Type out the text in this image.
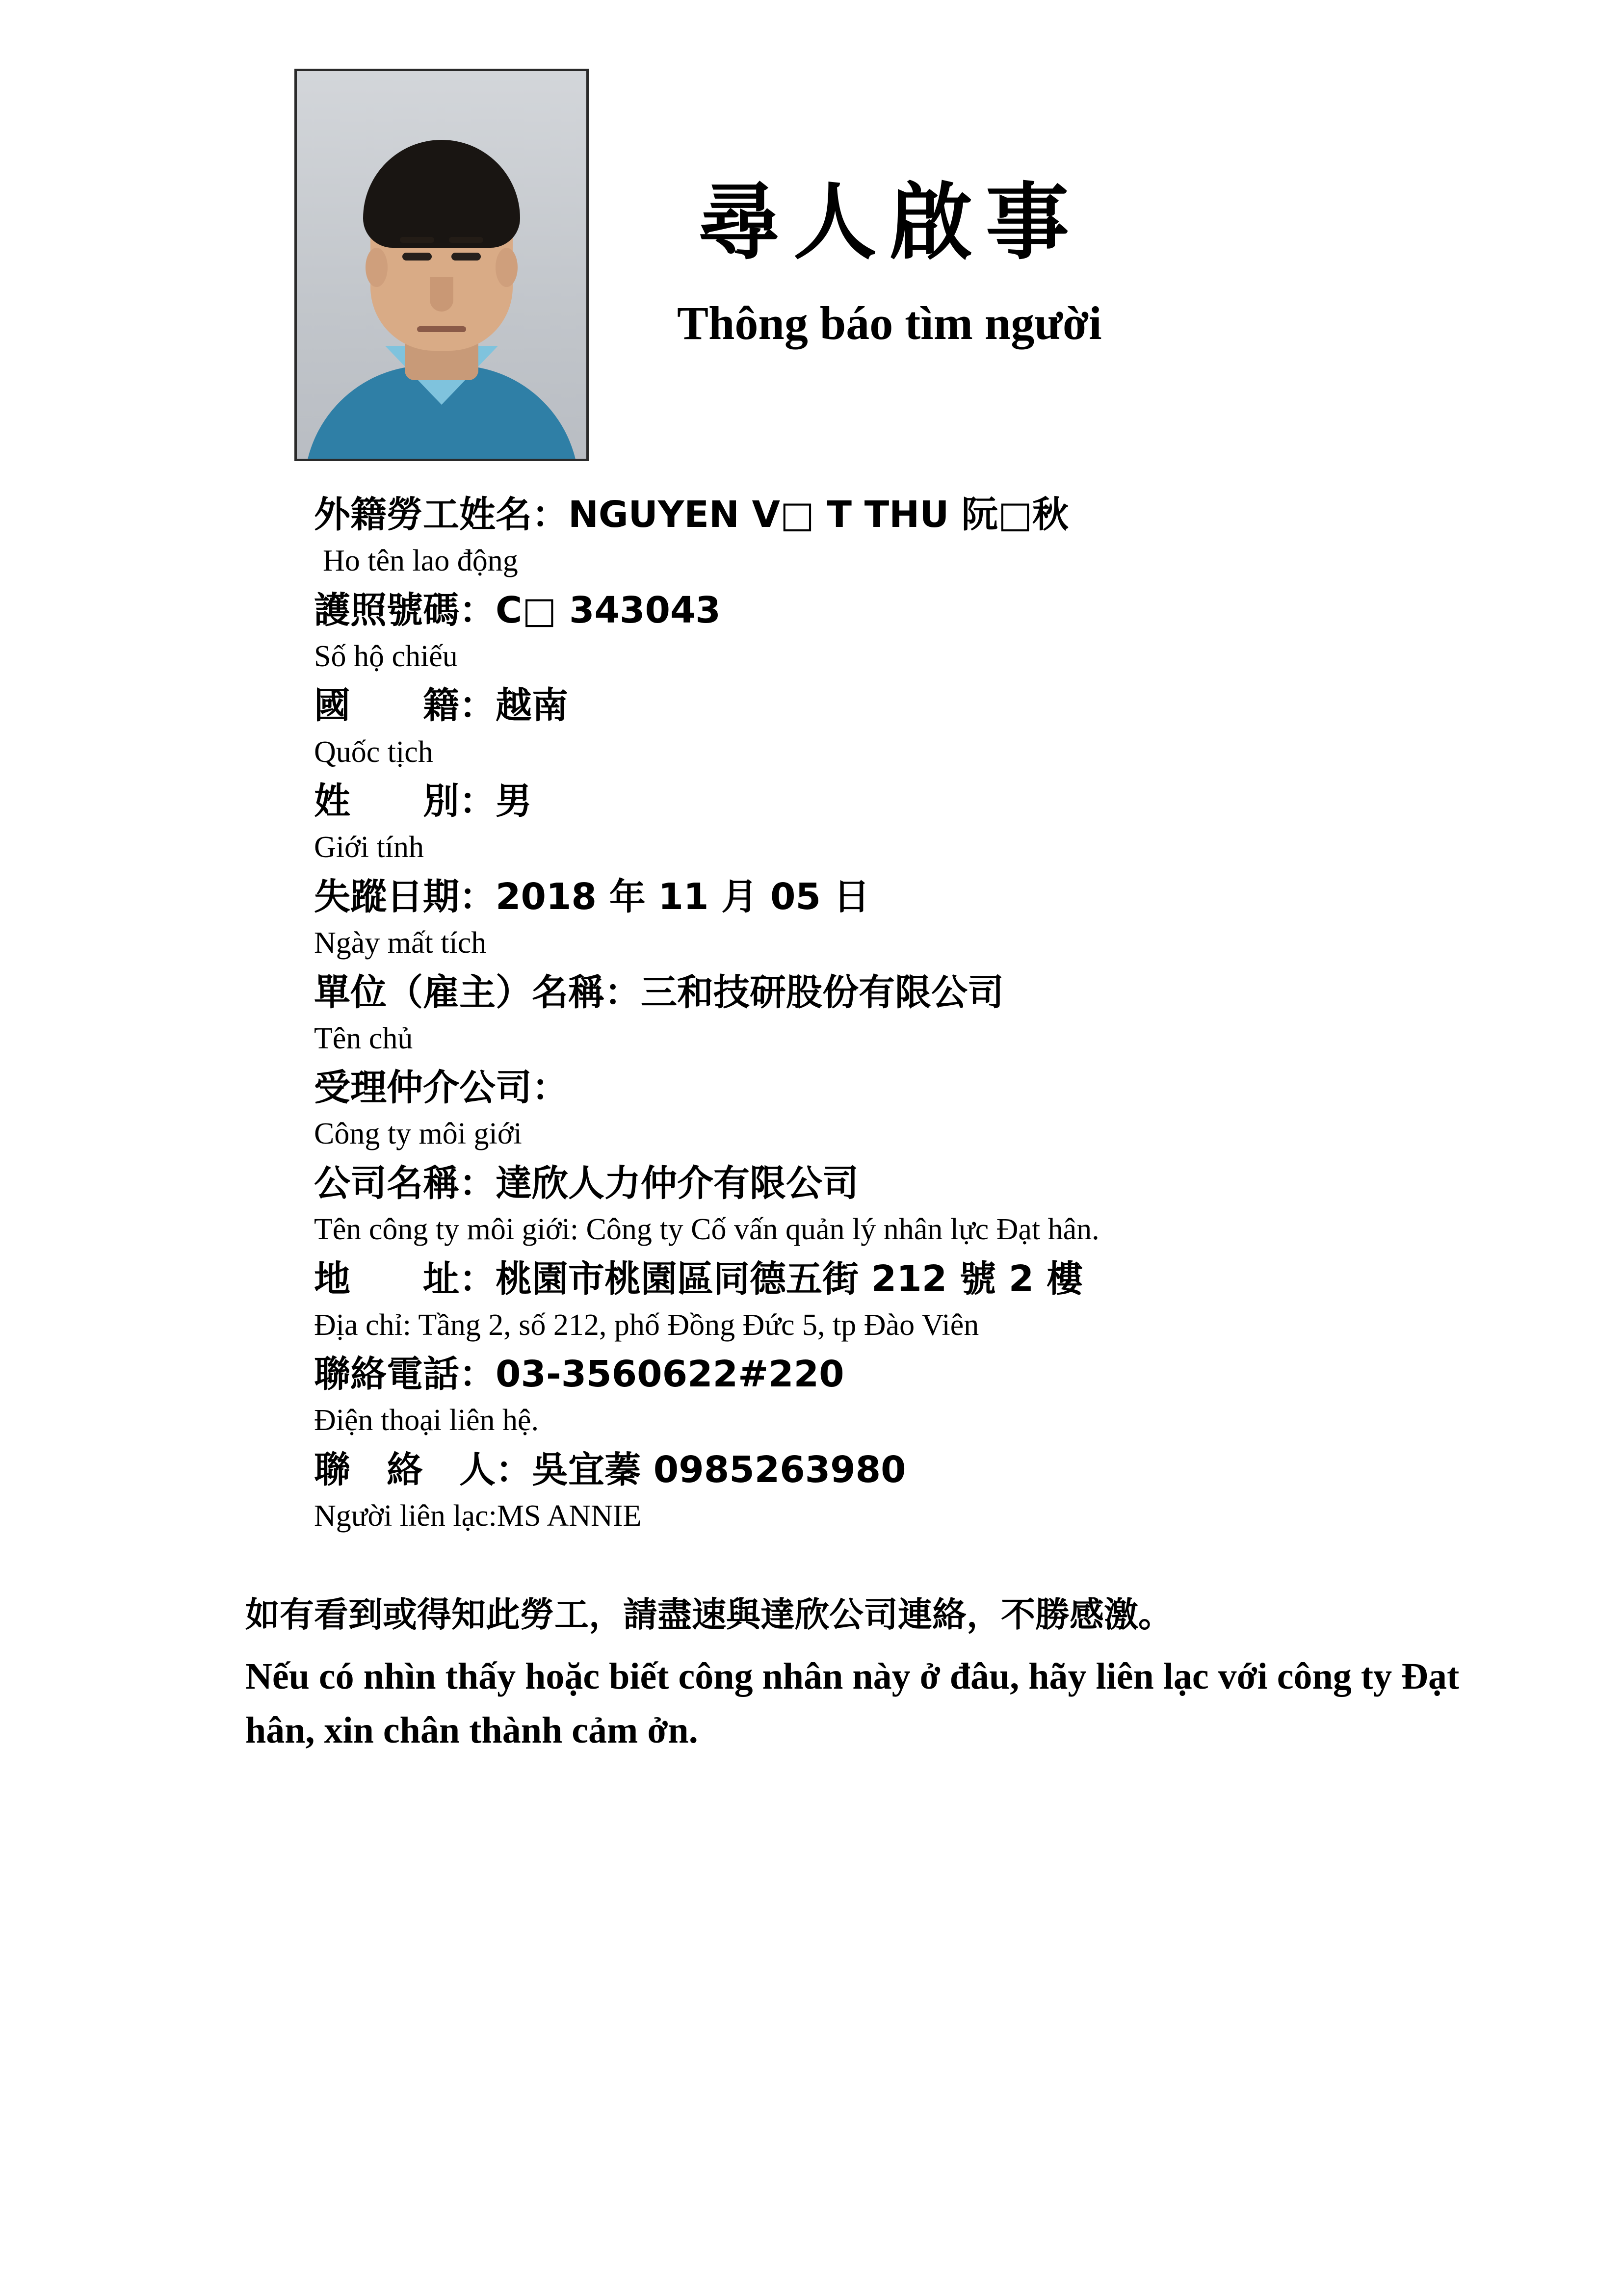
尋人啟事
Thông báo tìm người
外籍勞工姓名：NGUYEN V□ T THU 阮□秋
Ho tên lao động
護照號碼：C□ 343043
Số hộ chiếu
國　　籍：越南
Quốc tịch
姓　　別：男
Giới tính
失蹤日期：2018 年 11 月 05 日
Ngày mất tích
單位（雇主）名稱：三和技研股份有限公司
Tên chủ
受理仲介公司：
Công ty môi giới
公司名稱：達欣人力仲介有限公司
Tên công ty môi giới: Công ty Cố vấn quản lý nhân lực Đạt hân.
地　　址：桃園市桃園區同德五街 212 號 2 樓
Địa chỉ: Tầng 2, số 212, phố Đồng Đức 5, tp Đào Viên
聯絡電話：03-3560622#220
Điện thoại liên hệ.
聯　絡　人：吳宜蓁 0985263980
Người liên lạc:MS ANNIE
如有看到或得知此勞工，請盡速與達欣公司連絡，不勝感激。
Nếu có nhìn thấy hoặc biết công nhân này ở đâu, hãy liên lạc với công ty Đạt hân, xin chân thành cảm ởn.
